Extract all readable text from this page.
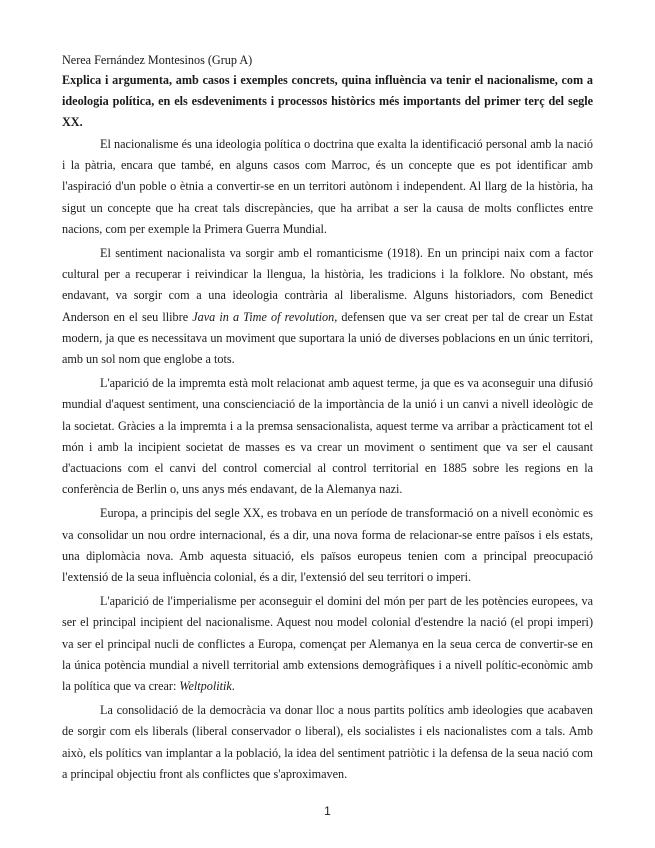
Nerea Fernández Montesinos (Grup A)
Explica i argumenta, amb casos i exemples concrets, quina influència va tenir el nacionalisme, com a ideologia política, en els esdeveniments i processos històrics més importants del primer terç del segle XX.

El nacionalisme és una ideologia política o doctrina que exalta la identificació personal amb la nació i la pàtria, encara que també, en alguns casos com Marroc, és un concepte que es pot identificar amb l'aspiració d'un poble o ètnia a convertir-se en un territori autònom i independent. Al llarg de la història, ha sigut un concepte que ha creat tals discrepàncies, que ha arribat a ser la causa de molts conflictes entre nacions, com per exemple la Primera Guerra Mundial.

El sentiment nacionalista va sorgir amb el romanticisme (1918). En un principi naix com a factor cultural per a recuperar i reivindicar la llengua, la història, les tradicions i la folklore. No obstant, més endavant, va sorgir com a una ideologia contrària al liberalisme. Alguns historiadors, com Benedict Anderson en el seu llibre Java in a Time of revolution, defensen que va ser creat per tal de crear un Estat modern, ja que es necessitava un moviment que suportara la unió de diverses poblacions en un únic territori, amb un sol nom que englobe a tots.

L'aparició de la impremta està molt relacionat amb aquest terme, ja que es va aconseguir una difusió mundial d'aquest sentiment, una conscienciació de la importància de la unió i un canvi a nivell ideològic de la societat. Gràcies a la impremta i a la premsa sensacionalista, aquest terme va arribar a pràcticament tot el món i amb la incipient societat de masses es va crear un moviment o sentiment que va ser el causant d'actuacions com el canvi del control comercial al control territorial en 1885 sobre les regions en la conferència de Berlin o, uns anys més endavant, de la Alemanya nazi.

Europa, a principis del segle XX, es trobava en un període de transformació on a nivell econòmic es va consolidar un nou ordre internacional, és a dir, una nova forma de relacionar-se entre països i els estats, una diplomàcia nova. Amb aquesta situació, els països europeus tenien com a principal preocupació l'extensió de la seua influència colonial, és a dir, l'extensió del seu territori o imperi.

L'aparició de l'imperialisme per aconseguir el domini del món per part de les potències europees, va ser el principal incipient del nacionalisme. Aquest nou model colonial d'estendre la nació (el propi imperi) va ser el principal nucli de conflictes a Europa, començat per Alemanya en la seua cerca de convertir-se en la única potència mundial a nivell territorial amb extensions demogràfiques i a nivell polític-econòmic amb la política que va crear: Weltpolitik.

La consolidació de la democràcia va donar lloc a nous partits polítics amb ideologies que acabaven de sorgir com els liberals (liberal conservador o liberal), els socialistes i els nacionalistes com a tals. Amb això, els polítics van implantar a la població, la idea del sentiment patriòtic i la defensa de la seua nació com a principal objectiu front als conflictes que s'aproximaven.

1
